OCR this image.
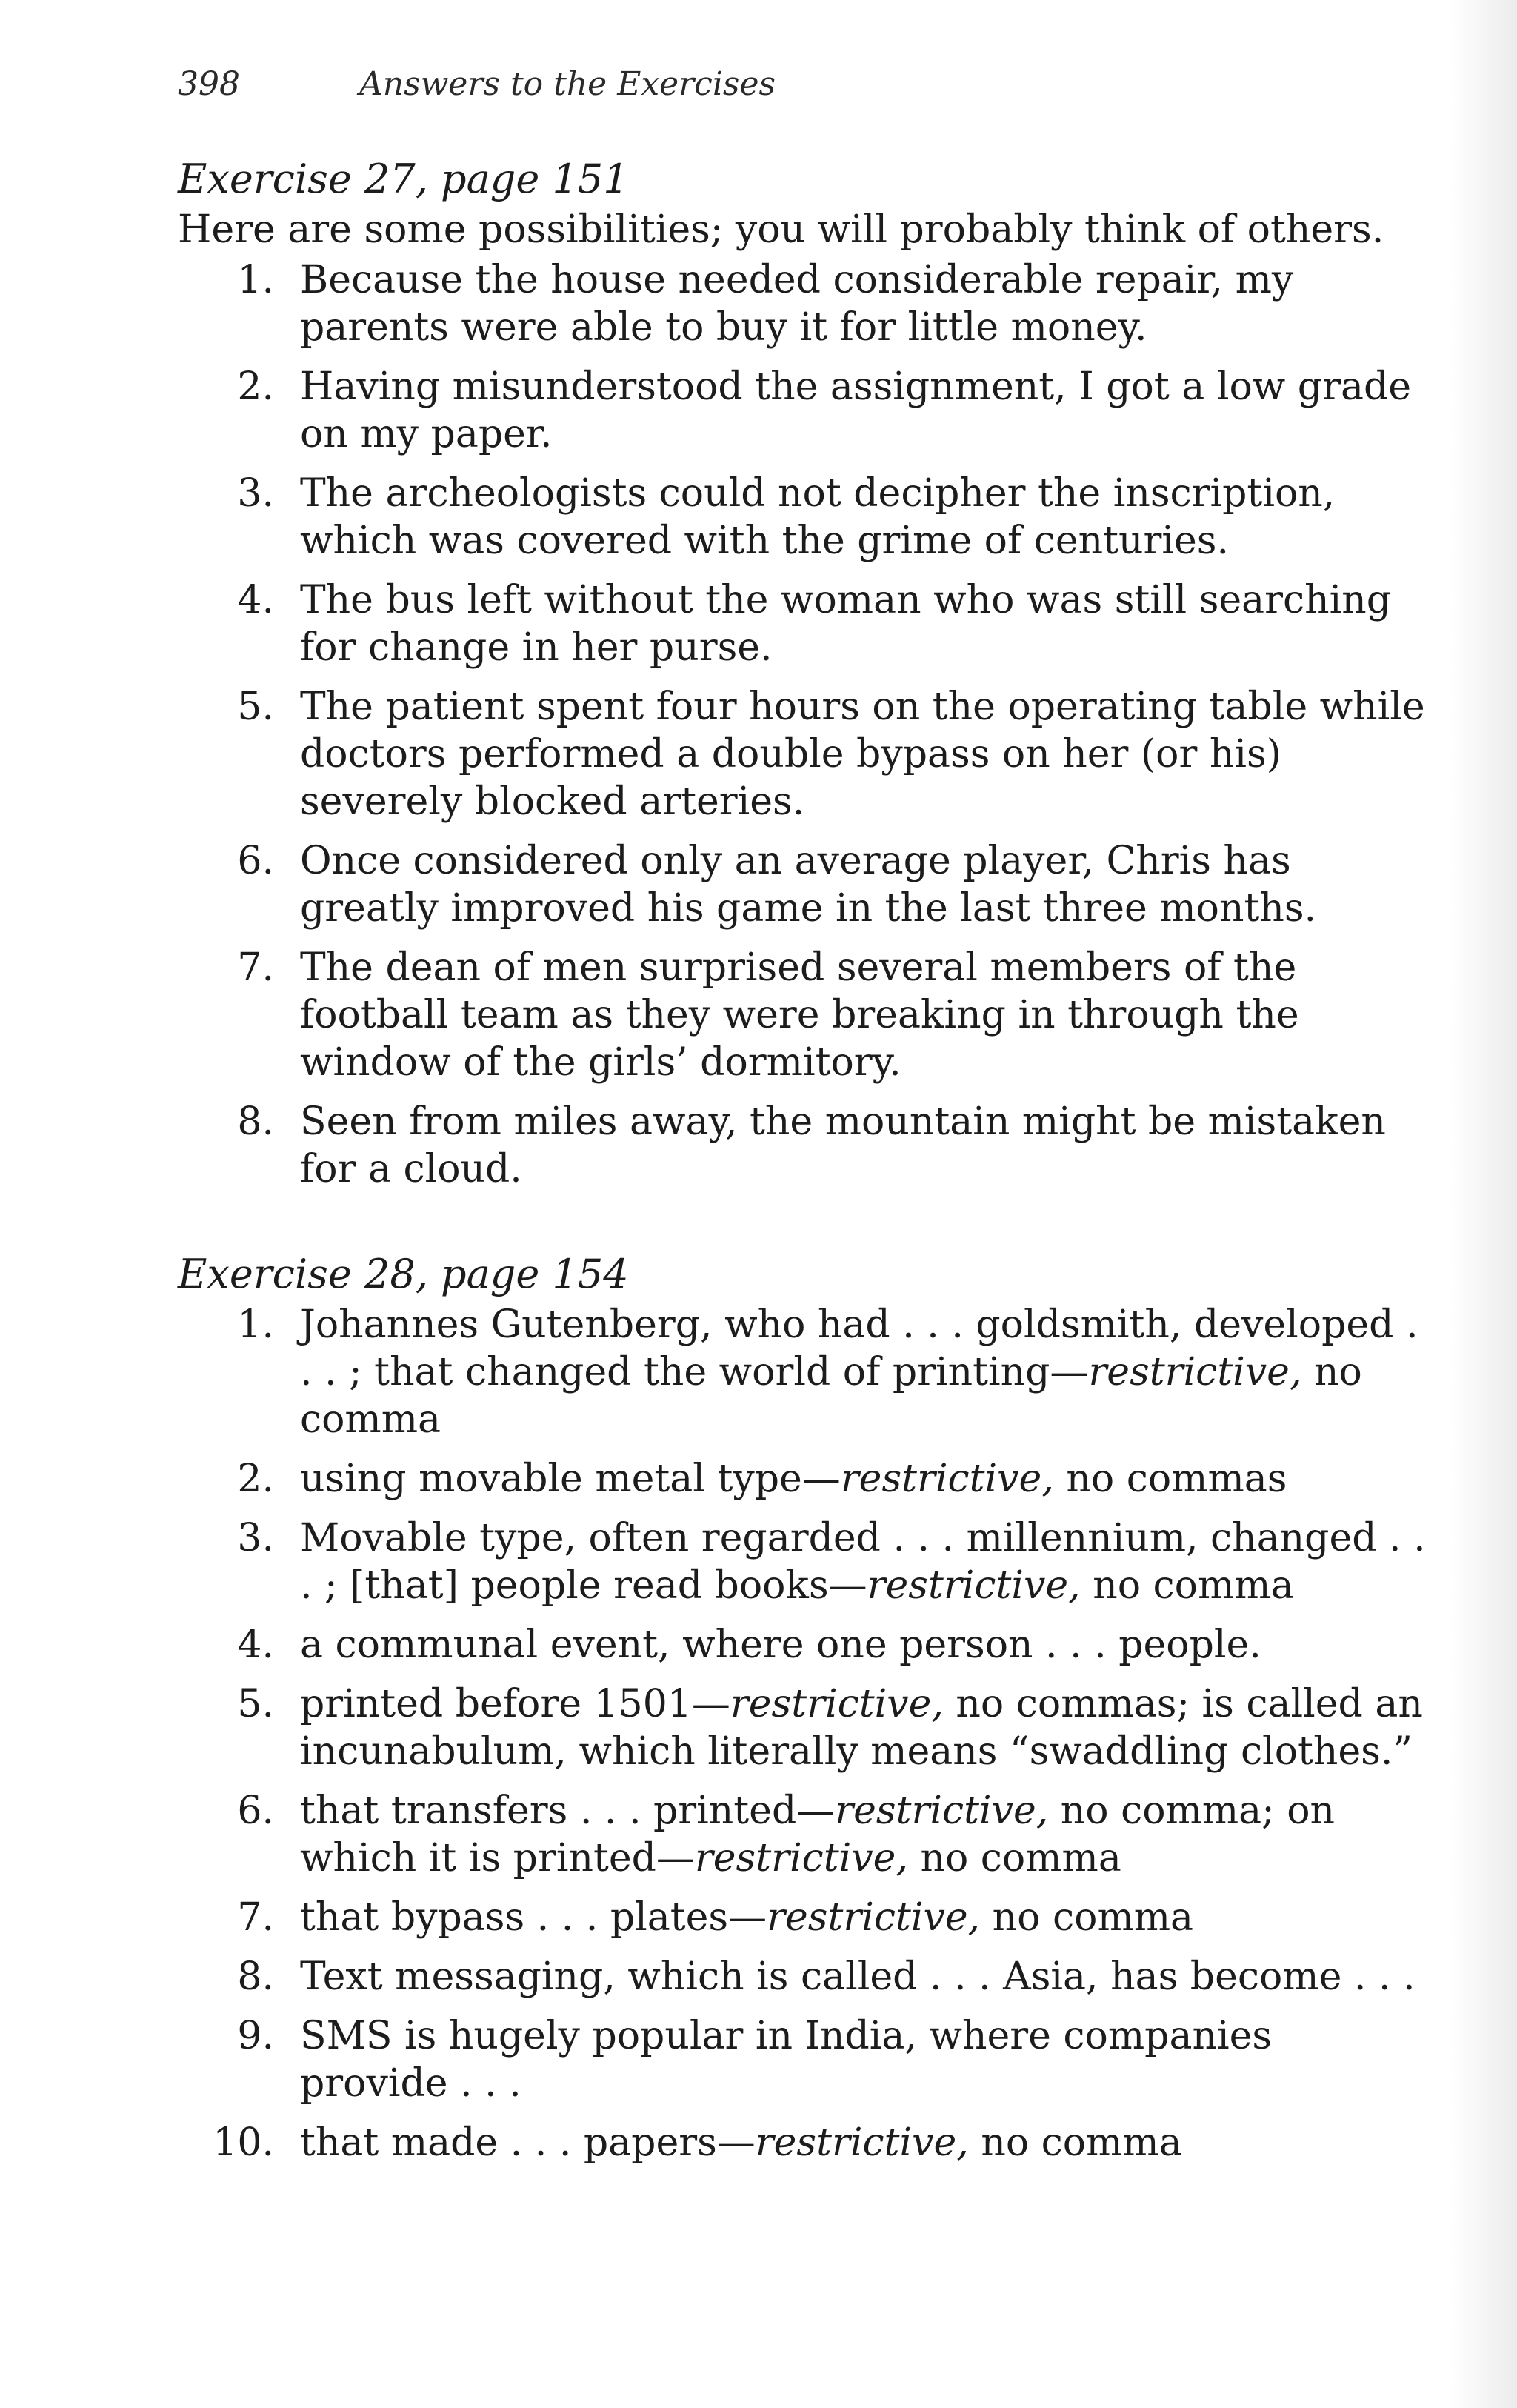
398	Answers to the Exercises
Exercise 27, page 151

Here are some possibilities; you will probably think of others.

1. Because the house needed considerable repair, my parents were able to buy it for little money.
2. Having misunderstood the assignment, I got a low grade on my paper.
3. The archeologists could not decipher the inscription, which was covered with the grime of centuries.
4. The bus left without the woman who was still searching for change in her purse.
5. The patient spent four hours on the operating table while doctors performed a double bypass on her (or his) severely blocked arteries.
6. Once considered only an average player, Chris has greatly improved his game in the last three months.
7. The dean of men surprised several members of the football team as they were breaking in through the window of the girls’ dormitory.
8. Seen from miles away, the mountain might be mistaken for a cloud.
Exercise 28, page 154
1. Johannes Gutenberg, who had . . . goldsmith, developed . . . ; that changed the world of printing—restrictive, no comma
2. using movable metal type—restrictive, no commas
3. Movable type, often regarded . . . millennium, changed . . . ; [that] people read books—restrictive, no comma
4. a communal event, where one person . . . people.
5. printed before 1501—restrictive, no commas; is called an incunabulum, which literally means “swaddling clothes.”
6. that transfers . . . printed—restrictive, no comma; on which it is printed—restrictive, no comma
7. that bypass . . . plates—restrictive, no comma
8. Text messaging, which is called . . . Asia, has become . . .
9. SMS is hugely popular in India, where companies provide . . .
10. that made . . . papers—restrictive, no comma
